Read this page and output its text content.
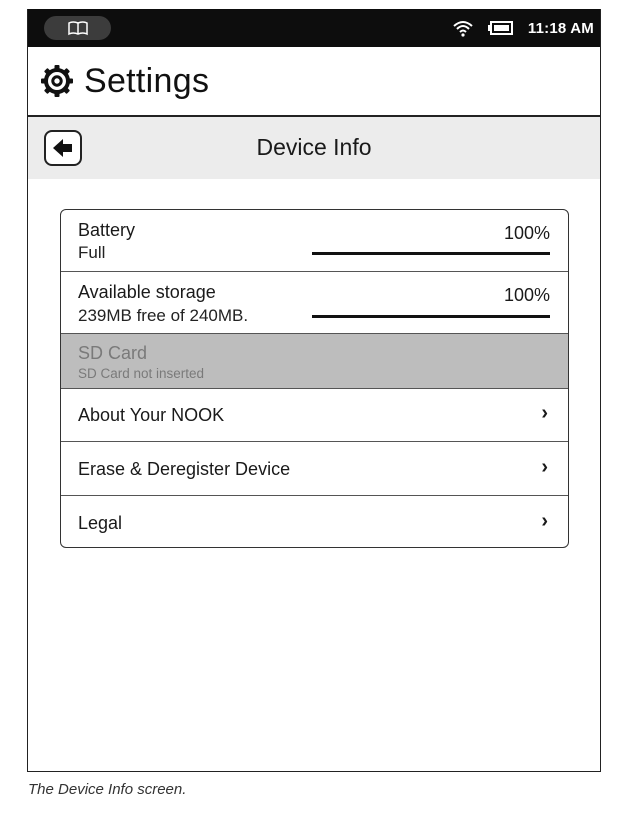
11:18 AM
Settings
Device Info
Battery
Full
100%
Available storage
239MB free of 240MB.
100%
SD Card
SD Card not inserted
About Your NOOK	›
Erase & Deregister Device	›
Legal	›
The Device Info screen.
